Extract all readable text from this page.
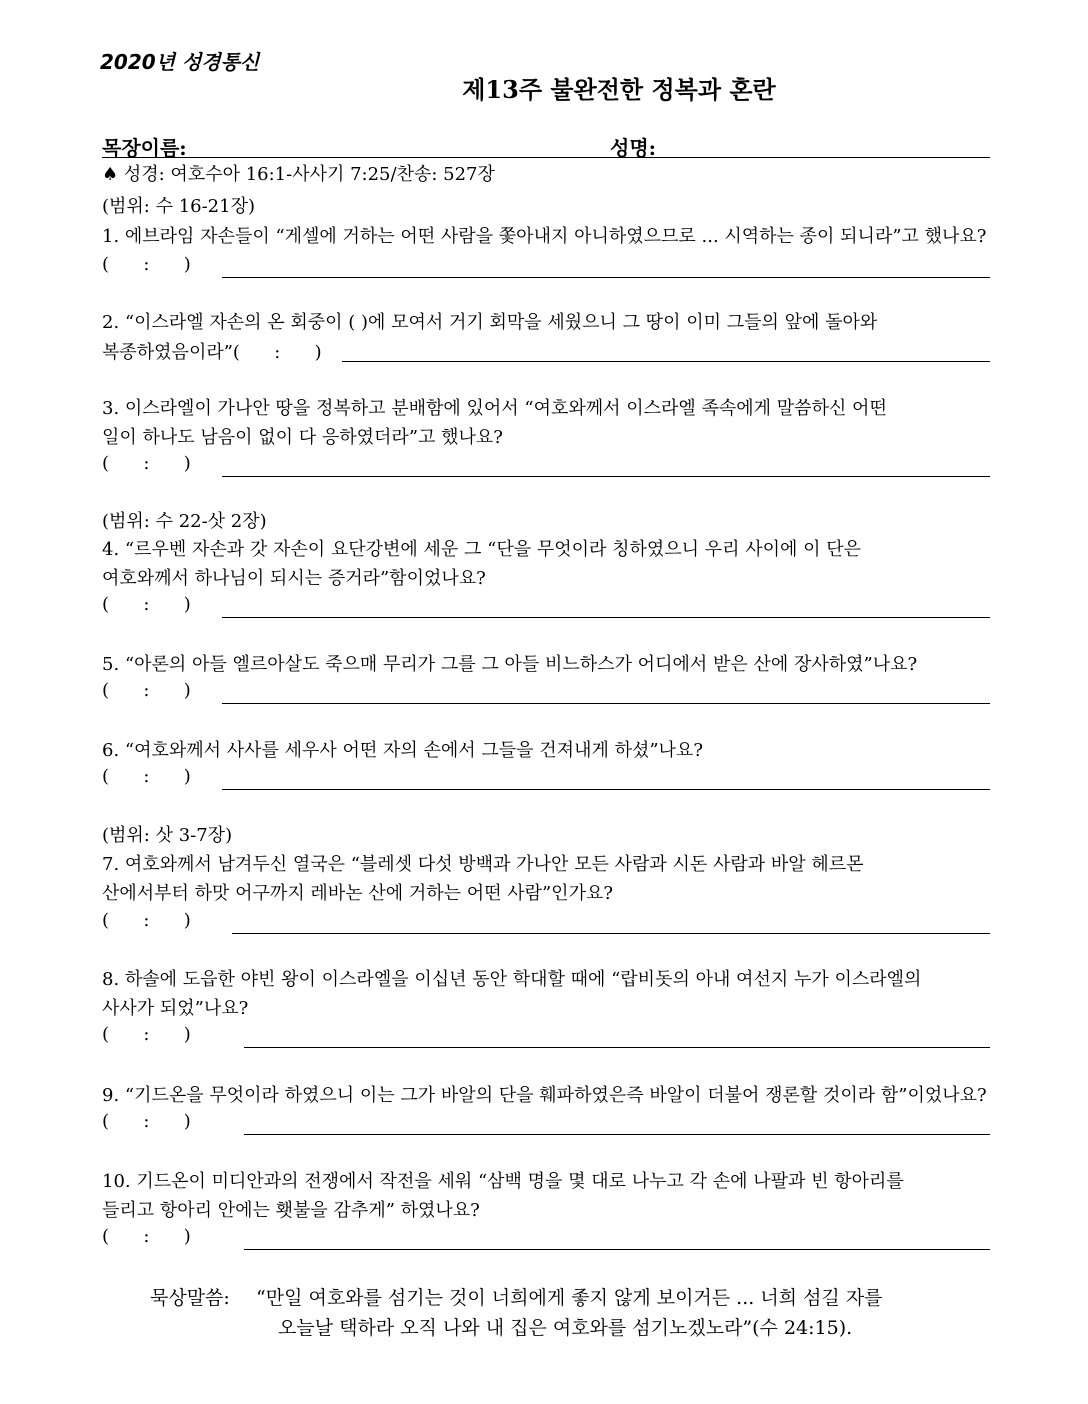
2020년 성경통신
제13주 불완전한 정복과 혼란
목장이름:	성명:
♠ 성경: 여호수아 16:1-사사기 7:25/찬송: 527장
(범위: 수 16-21장)
1. 에브라임 자손들이 “게셀에 거하는 어떤 사람을 쫓아내지 아니하였으므로 ... 시역하는 종이 되니라”고 했나요?
(      :      )
2. “이스라엘 자손의 온 회중이 ( )에 모여서 거기 회막을 세웠으니 그 땅이 이미 그들의 앞에 돌아와
복종하였음이라”(      :      )
3. 이스라엘이 가나안 땅을 정복하고 분배함에 있어서 “여호와께서 이스라엘 족속에게 말씀하신 어떤
일이 하나도 남음이 없이 다 응하였더라”고 했나요?
(      :      )
(범위: 수 22-삿 2장)
4. “르우벤 자손과 갓 자손이 요단강변에 세운 그 “단을 무엇이라 칭하였으니 우리 사이에 이 단은
여호와께서 하나님이 되시는 증거라”함이었나요?
(      :      )
5. “아론의 아들 엘르아살도 죽으매 무리가 그를 그 아들 비느하스가 어디에서 받은 산에 장사하였”나요?
(      :      )
6. “여호와께서 사사를 세우사 어떤 자의 손에서 그들을 건져내게 하셨”나요?
(      :      )
(범위: 삿 3-7장)
7. 여호와께서 남겨두신 열국은 “블레셋 다섯 방백과 가나안 모든 사람과 시돈 사람과 바알 헤르몬
산에서부터 하맛 어구까지 레바논 산에 거하는 어떤 사람”인가요?
(      :      )
8. 하솔에 도읍한 야빈 왕이 이스라엘을 이십년 동안 학대할 때에 “랍비돗의 아내 여선지 누가 이스라엘의
사사가 되었”나요?
(      :      )
9. “기드온을 무엇이라 하였으니 이는 그가 바알의 단을 훼파하였은즉 바알이 더불어 쟁론할 것이라 함”이었나요?
(      :      )
10. 기드온이 미디안과의 전쟁에서 작전을 세워 “삼백 명을 몇 대로 나누고 각 손에 나팔과 빈 항아리를
들리고 항아리 안에는 횃불을 감추게” 하였나요?
(      :      )
묵상말씀: “만일 여호와를 섬기는 것이 너희에게 좋지 않게 보이거든 ... 너희 섬길 자를
오늘날 택하라 오직 나와 내 집은 여호와를 섬기노겠노라”(수 24:15).
